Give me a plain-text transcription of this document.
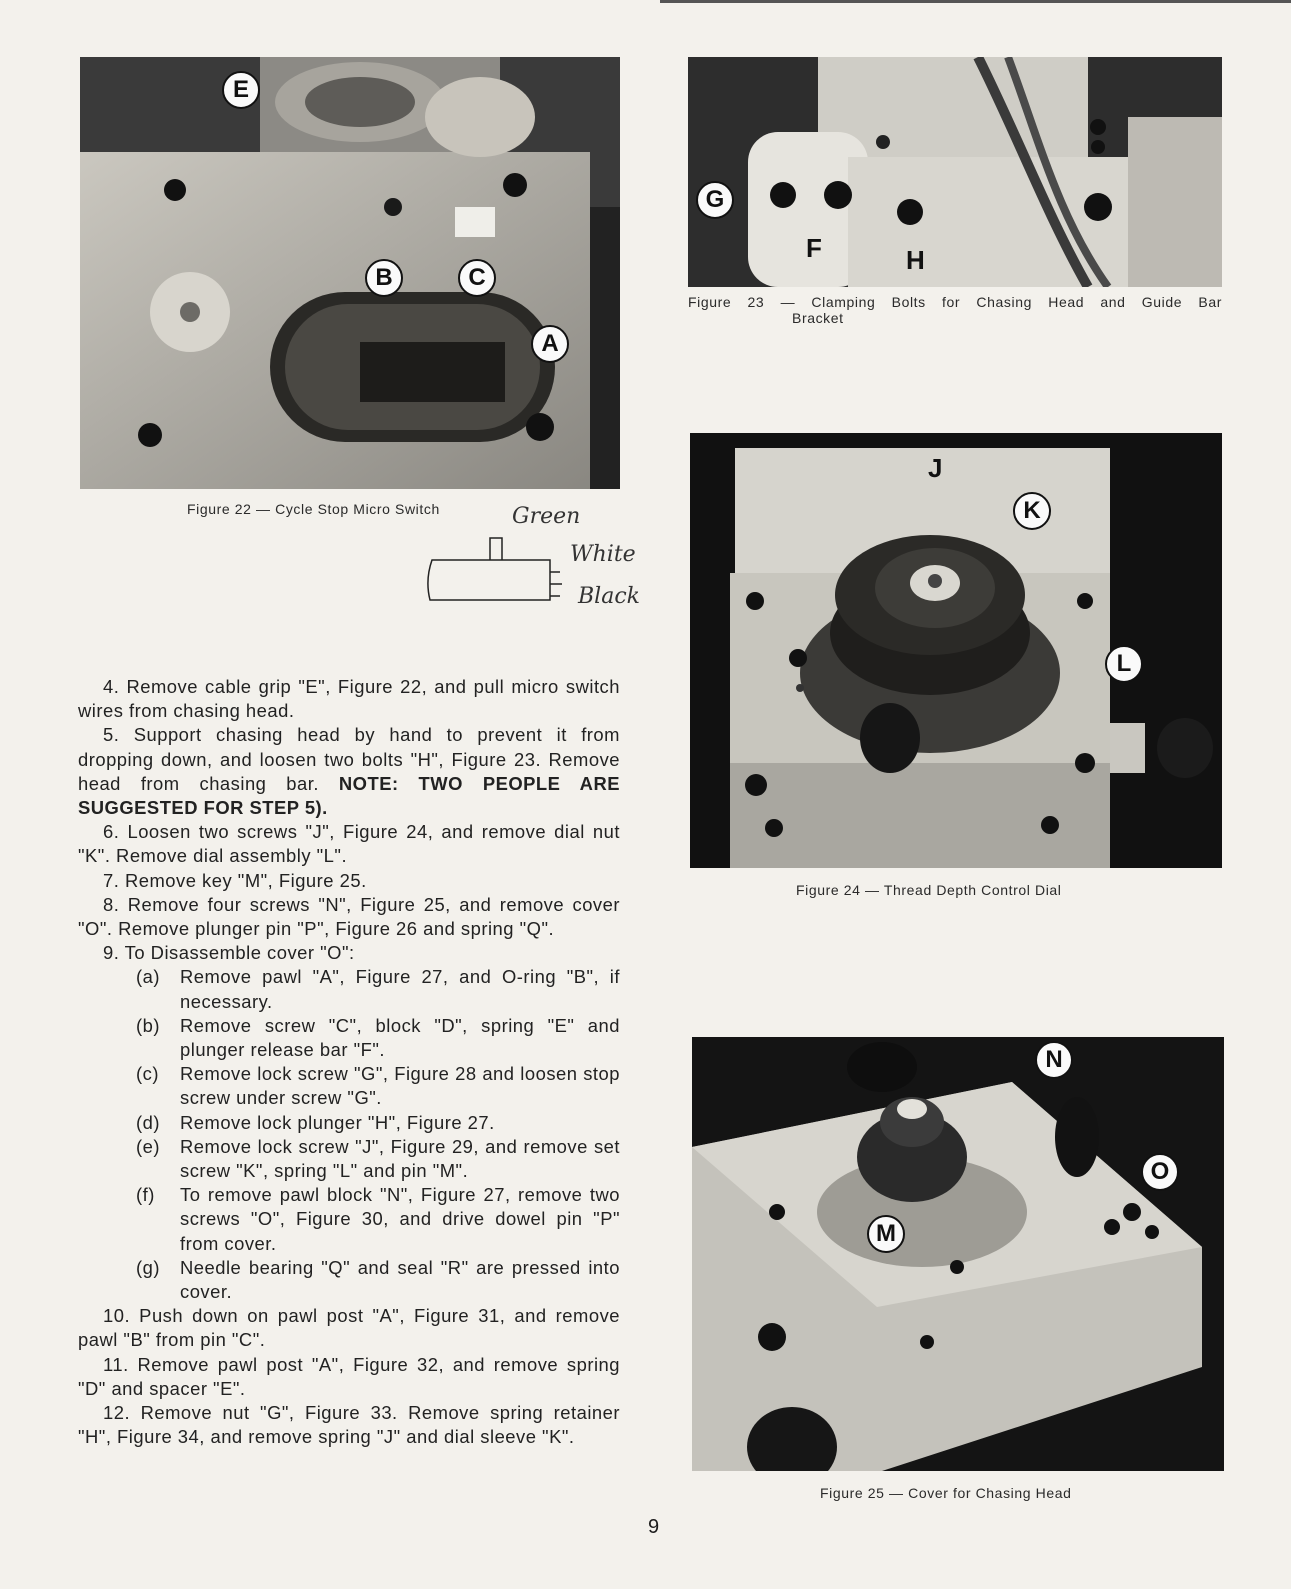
E
B	C
A
Figure 22 — Cycle Stop Micro Switch	Green
White
Black
G
F	H
Figure 23 — Clamping Bolts for Chasing Head and Guide Bar
Bracket
J
K
L
Figure 24 — Thread Depth Control Dial
N
O
M
Figure 25 — Cover for Chasing Head

4. Remove cable grip "E", Figure 22, and pull micro switch wires from chasing head.

5. Support chasing head by hand to prevent it from dropping down, and loosen two bolts "H", Figure 23. Remove head from chasing bar. NOTE: TWO PEOPLE ARE SUGGESTED FOR STEP 5).

6. Loosen two screws "J", Figure 24, and remove dial nut "K". Remove dial assembly "L".

7. Remove key "M", Figure 25.

8. Remove four screws "N", Figure 25, and remove cover "O". Remove plunger pin "P", Figure 26 and spring "Q".

9. To Disassemble cover "O":

(a)	Remove pawl "A", Figure 27, and O-ring "B", if necessary.
(b)	Remove screw "C", block "D", spring "E" and plunger release bar "F".
(c)	Remove lock screw "G", Figure 28 and loosen stop screw under screw "G".
(d)	Remove lock plunger "H", Figure 27.
(e)	Remove lock screw "J", Figure 29, and remove set screw "K", spring "L" and pin "M".
(f)	To remove pawl block "N", Figure 27, remove two screws "O", Figure 30, and drive dowel pin "P" from cover.
(g)	Needle bearing "Q" and seal "R" are pressed into cover.

10. Push down on pawl post "A", Figure 31, and remove pawl "B" from pin "C".

11. Remove pawl post "A", Figure 32, and remove spring "D" and spacer "E".

12. Remove nut "G", Figure 33. Remove spring retainer "H", Figure 34, and remove spring "J" and dial sleeve "K".

9
